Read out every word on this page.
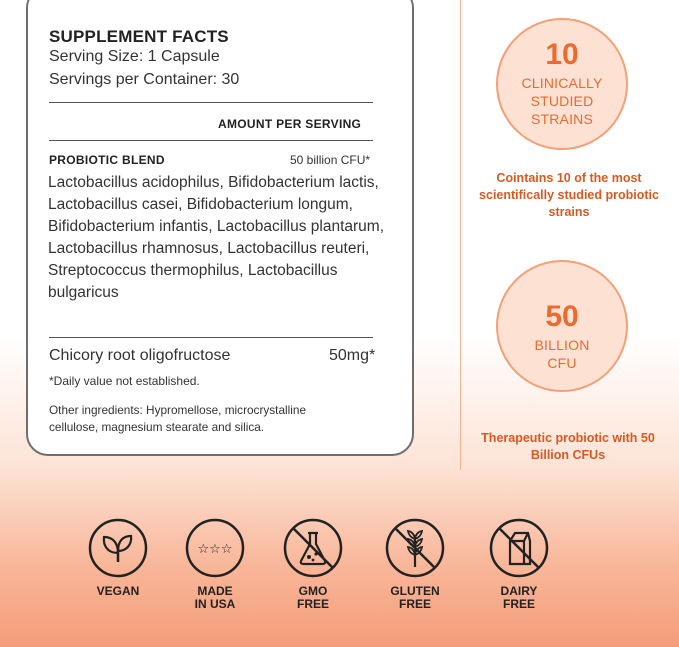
SUPPLEMENT FACTS
Serving Size: 1 Capsule
Servings per Container: 30
AMOUNT PER SERVING
PROBIOTIC BLEND	50 billion CFU*
Lactobacillus acidophilus, Bifidobacterium lactis, Lactobacillus casei, Bifidobacterium longum, Bifidobacterium infantis, Lactobacillus plantarum, Lactobacillus rhamnosus, Lactobacillus reuteri, Streptococcus thermophilus, Lactobacillus bulgaricus
Chicory root oligofructose	50mg*
*Daily value not established.
Other ingredients: Hypromellose, microcrystalline cellulose, magnesium stearate and silica.
10
CLINICALLY
STUDIED
STRAINS
Cointains 10 of the most scientifically studied probiotic strains
50
BILLION
CFU
Therapeutic probiotic with 50 Billion CFUs
VEGAN
☆☆☆
MADE
IN USA
GMO
FREE
GLUTEN
FREE
DAIRY
FREE
